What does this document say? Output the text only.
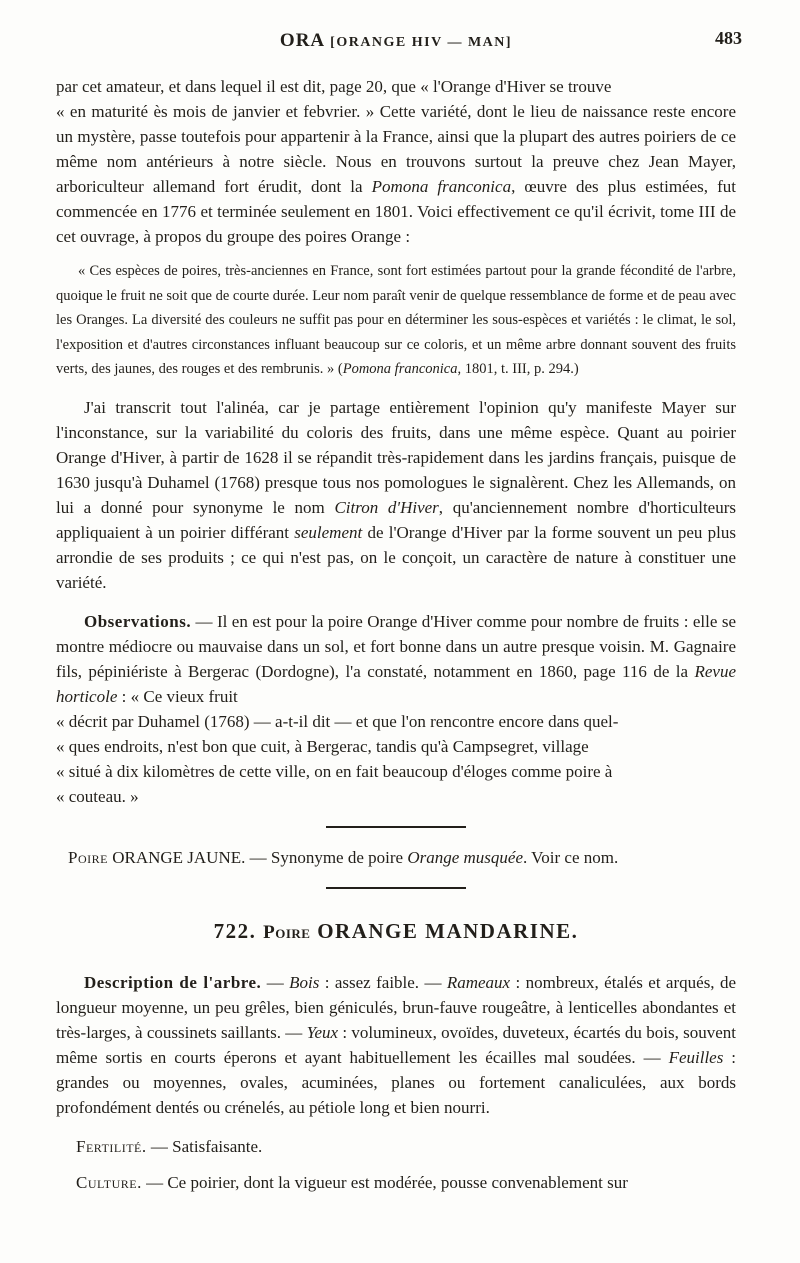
ORA [ORANGE HIV — MAN]	483

par cet amateur, et dans lequel il est dit, page 20, que « l'Orange d'Hiver se trouve
« en maturité ès mois de janvier et febvrier. » Cette variété, dont le lieu de naissance reste encore un mystère, passe toutefois pour appartenir à la France, ainsi que la plupart des autres poiriers de ce même nom antérieurs à notre siècle. Nous en trouvons surtout la preuve chez Jean Mayer, arboriculteur allemand fort érudit, dont la Pomona franconica, œuvre des plus estimées, fut commencée en 1776 et terminée seulement en 1801. Voici effectivement ce qu'il écrivit, tome III de cet ouvrage, à propos du groupe des poires Orange :

« Ces espèces de poires, très-anciennes en France, sont fort estimées partout pour la grande fécondité de l'arbre, quoique le fruit ne soit que de courte durée. Leur nom paraît venir de quelque ressemblance de forme et de peau avec les Oranges. La diversité des couleurs ne suffit pas pour en déterminer les sous-espèces et variétés : le climat, le sol, l'exposition et d'autres circonstances influant beaucoup sur ce coloris, et un même arbre donnant souvent des fruits verts, des jaunes, des rouges et des rembrunis. » (Pomona franconica, 1801, t. III, p. 294.)

J'ai transcrit tout l'alinéa, car je partage entièrement l'opinion qu'y manifeste Mayer sur l'inconstance, sur la variabilité du coloris des fruits, dans une même espèce. Quant au poirier Orange d'Hiver, à partir de 1628 il se répandit très-rapidement dans les jardins français, puisque de 1630 jusqu'à Duhamel (1768) presque tous nos pomologues le signalèrent. Chez les Allemands, on lui a donné pour synonyme le nom Citron d'Hiver, qu'anciennement nombre d'horticulteurs appliquaient à un poirier différant seulement de l'Orange d'Hiver par la forme souvent un peu plus arrondie de ses produits ; ce qui n'est pas, on le conçoit, un caractère de nature à constituer une variété.

Observations. — Il en est pour la poire Orange d'Hiver comme pour nombre de fruits : elle se montre médiocre ou mauvaise dans un sol, et fort bonne dans un autre presque voisin. M. Gagnaire fils, pépiniériste à Bergerac (Dordogne), l'a constaté, notamment en 1860, page 116 de la Revue horticole : « Ce vieux fruit
« décrit par Duhamel (1768) — a-t-il dit — et que l'on rencontre encore dans quel-
« ques endroits, n'est bon que cuit, à Bergerac, tandis qu'à Campsegret, village
« situé à dix kilomètres de cette ville, on en fait beaucoup d'éloges comme poire à
« couteau. »

Poire ORANGE JAUNE. — Synonyme de poire Orange musquée. Voir ce nom.

722. Poire ORANGE MANDARINE.

Description de l'arbre. — Bois : assez faible. — Rameaux : nombreux, étalés et arqués, de longueur moyenne, un peu grêles, bien géniculés, brun-fauve rougeâtre, à lenticelles abondantes et très-larges, à coussinets saillants. — Yeux : volumineux, ovoïdes, duveteux, écartés du bois, souvent même sortis en courts éperons et ayant habituellement les écailles mal soudées. — Feuilles : grandes ou moyennes, ovales, acuminées, planes ou fortement canaliculées, aux bords profondément dentés ou crénelés, au pétiole long et bien nourri.

Fertilité. — Satisfaisante.

Culture. — Ce poirier, dont la vigueur est modérée, pousse convenablement sur
